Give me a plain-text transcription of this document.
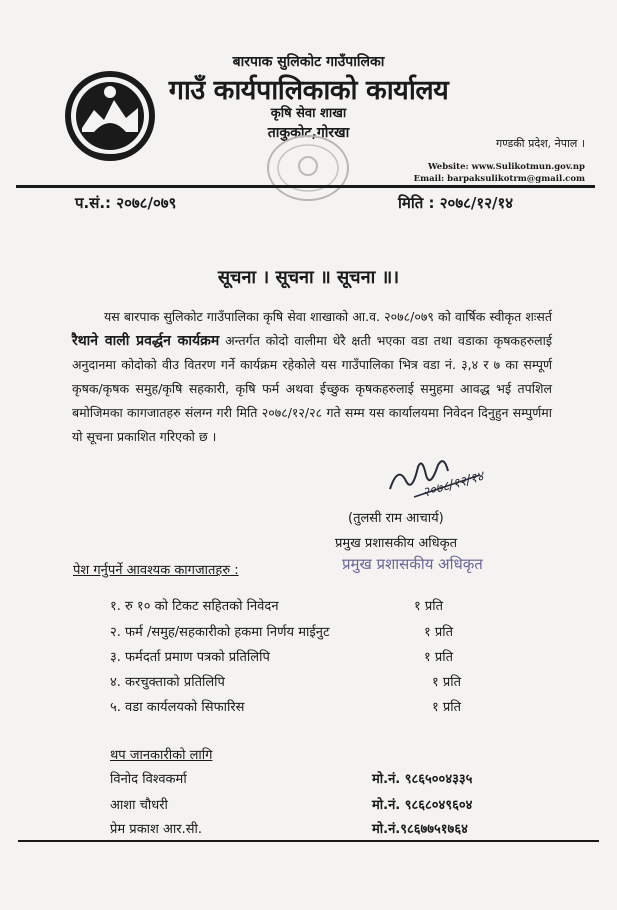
बारपाक सुलिकोट गाउँपालिका
गाउँ कार्यपालिकाको कार्यालय
कृषि सेवा शाखा
ताकुकोट,गोरखा
गण्डकी प्रदेश, नेपाल ।
Website: www.Sulikotmun.gov.np
Email: barpaksulikotrm@gmail.com
प.सं.: २०७८/०७९	मिति : २०७८/१२/१४
सूचना । सूचना ॥ सूचना ॥।
यस बारपाक सुलिकोट गाउँपालिका कृषि सेवा शाखाको आ.व. २०७८/०७९ को वार्षिक स्वीकृत शःसर्त रैथाने वाली प्रवर्द्धन कार्यक्रम अन्तर्गत कोदो वालीमा धेरै क्षती भएका वडा तथा वडाका कृषकहरुलाई अनुदानमा कोदोको वीउ वितरण गर्ने कार्यक्रम रहेकोले यस गाउँपालिका भित्र वडा नं. ३,४ र ७ का सम्पूर्ण कृषक/कृषक समुह/कृषि सहकारी, कृषि फर्म अथवा ईच्छुक कृषकहरुलाई समुहमा आवद्ध भई तपशिल बमोजिमका कागजातहरु संलग्न गरी मिति २०७८/१२/२८ गते सम्म यस कार्यालयमा निवेदन दिनुहुन सम्पुर्णमा यो सूचना प्रकाशित गरिएको छ ।
२०७८/१२/१४
(तुलसी राम आचार्य)
प्रमुख प्रशासकीय अधिकृत
प्रमुख प्रशासकीय अधिकृत
पेश गर्नुपर्ने आवश्यक कागजातहरु :
१. रु १० को टिकट सहितको निवेदन	१ प्रति
२. फर्म /समुह/सहकारीको हकमा निर्णय माईनुट	१ प्रति
३. फर्मदर्ता प्रमाण पत्रको प्रतिलिपि	१ प्रति
४. करचुक्ताको प्रतिलिपि	१ प्रति
५. वडा कार्यलयको सिफारिस	१ प्रति
थप जानकारीको लागि
विनोद विश्वकर्मा	मो.नं. ९८६५००४३३५
आशा चौधरी	मो.नं. ९८६८०४९६०४
प्रेम प्रकाश आर.सी.	मो.नं.९८६७७५१७६४
